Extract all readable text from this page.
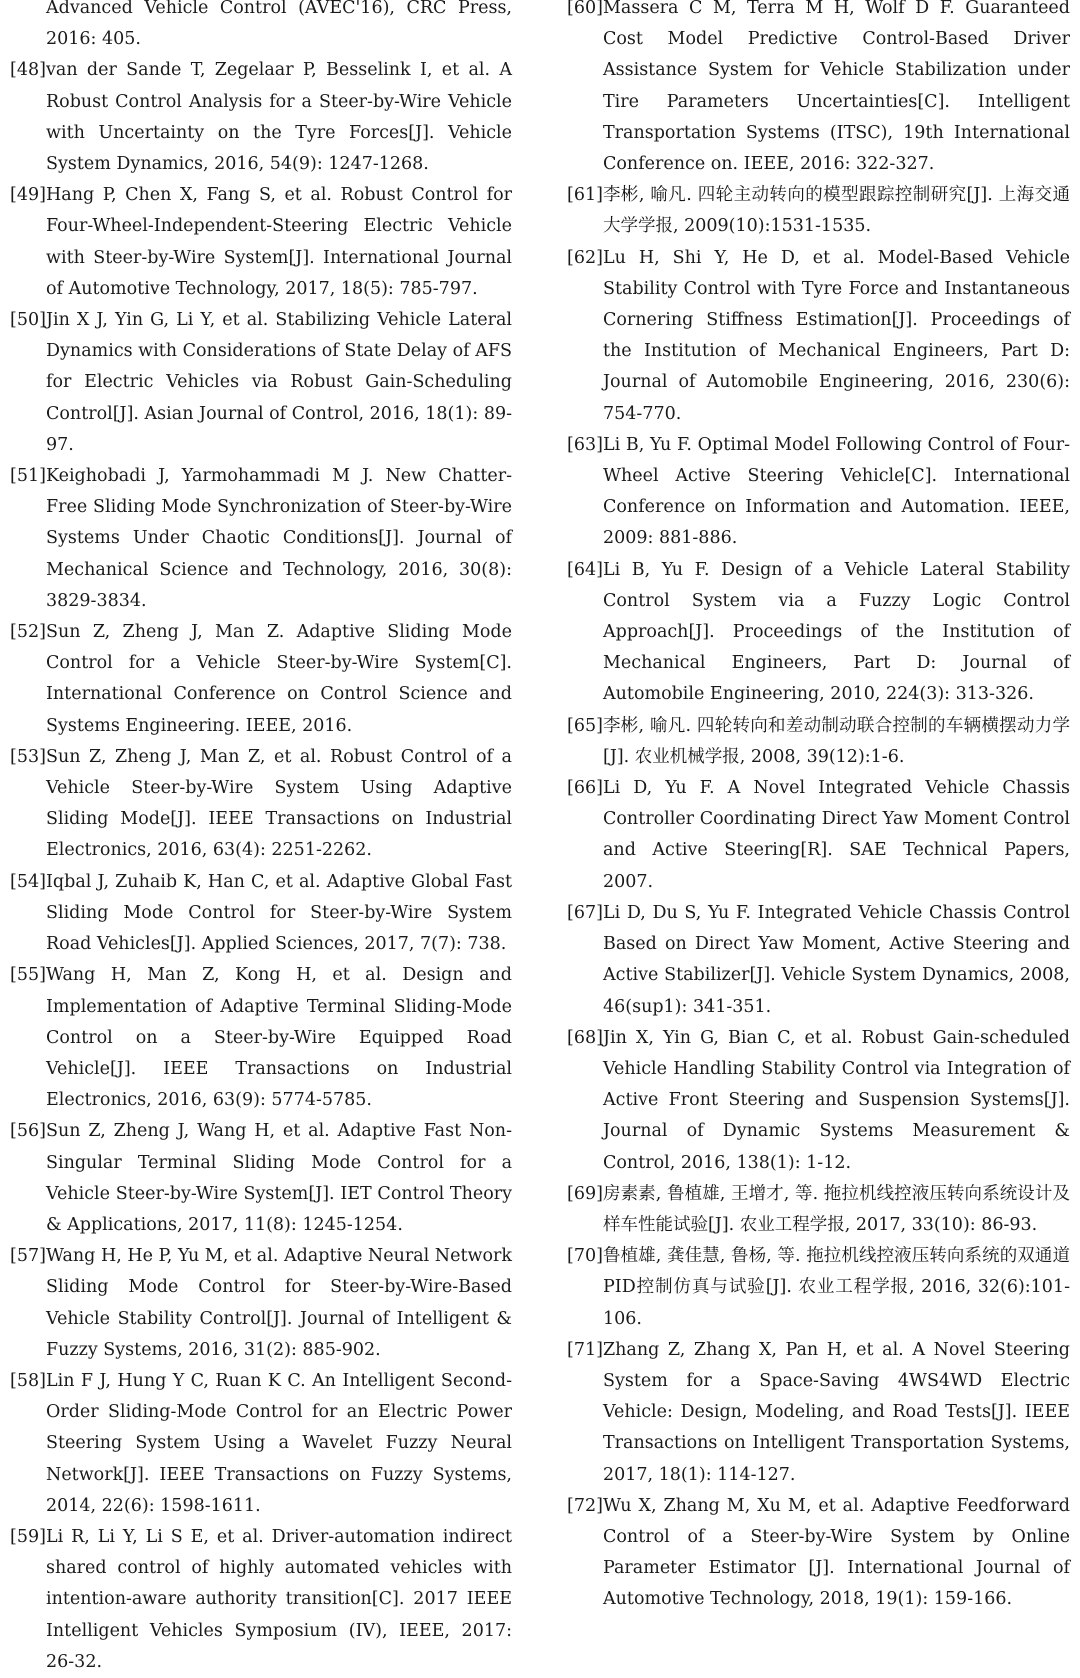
Advanced Vehicle Control (AVEC'16), CRC Press, 2016: 405.
[48] van der Sande T, Zegelaar P, Besselink I, et al. A Robust Control Analysis for a Steer-by-Wire Vehicle with Uncertainty on the Tyre Forces[J]. Vehicle System Dynamics, 2016, 54(9): 1247-1268.
[49] Hang P, Chen X, Fang S, et al. Robust Control for Four-Wheel-Independent-Steering Electric Vehicle with Steer-by-Wire System[J]. International Journal of Automotive Technology, 2017, 18(5): 785-797.
[50] Jin X J, Yin G, Li Y, et al. Stabilizing Vehicle Lateral Dynamics with Considerations of State Delay of AFS for Electric Vehicles via Robust Gain-Scheduling Control[J]. Asian Journal of Control, 2016, 18(1): 89-97.
[51] Keighobadi J, Yarmohammadi M J. New Chatter-Free Sliding Mode Synchronization of Steer-by-Wire Systems Under Chaotic Conditions[J]. Journal of Mechanical Science and Technology, 2016, 30(8): 3829-3834.
[52] Sun Z, Zheng J, Man Z. Adaptive Sliding Mode Control for a Vehicle Steer-by-Wire System[C]. International Conference on Control Science and Systems Engineering. IEEE, 2016.
[53] Sun Z, Zheng J, Man Z, et al. Robust Control of a Vehicle Steer-by-Wire System Using Adaptive Sliding Mode[J]. IEEE Transactions on Industrial Electronics, 2016, 63(4): 2251-2262.
[54] Iqbal J, Zuhaib K, Han C, et al. Adaptive Global Fast Sliding Mode Control for Steer-by-Wire System Road Vehicles[J]. Applied Sciences, 2017, 7(7): 738.
[55] Wang H, Man Z, Kong H, et al. Design and Implementation of Adaptive Terminal Sliding-Mode Control on a Steer-by-Wire Equipped Road Vehicle[J]. IEEE Transactions on Industrial Electronics, 2016, 63(9): 5774-5785.
[56] Sun Z, Zheng J, Wang H, et al. Adaptive Fast Non-Singular Terminal Sliding Mode Control for a Vehicle Steer-by-Wire System[J]. IET Control Theory & Applications, 2017, 11(8): 1245-1254.
[57] Wang H, He P, Yu M, et al. Adaptive Neural Network Sliding Mode Control for Steer-by-Wire-Based Vehicle Stability Control[J]. Journal of Intelligent & Fuzzy Systems, 2016, 31(2): 885-902.
[58] Lin F J, Hung Y C, Ruan K C. An Intelligent Second-Order Sliding-Mode Control for an Electric Power Steering System Using a Wavelet Fuzzy Neural Network[J]. IEEE Transactions on Fuzzy Systems, 2014, 22(6): 1598-1611.
[59] Li R, Li Y, Li S E, et al. Driver-automation indirect shared control of highly automated vehicles with intention-aware authority transition[C]. 2017 IEEE Intelligent Vehicles Symposium (IV), IEEE, 2017: 26-32.
[60] Massera C M, Terra M H, Wolf D F. Guaranteed Cost Model Predictive Control-Based Driver Assistance System for Vehicle Stabilization under Tire Parameters Uncertainties[C]. Intelligent Transportation Systems (ITSC), 19th International Conference on. IEEE, 2016: 322-327.
[61] 李彬, 喻凡. 四轮主动转向的模型跟踪控制研究[J]. 上海交通大学学报, 2009(10):1531-1535.
[62] Lu H, Shi Y, He D, et al. Model-Based Vehicle Stability Control with Tyre Force and Instantaneous Cornering Stiffness Estimation[J]. Proceedings of the Institution of Mechanical Engineers, Part D: Journal of Automobile Engineering, 2016, 230(6): 754-770.
[63] Li B, Yu F. Optimal Model Following Control of Four-Wheel Active Steering Vehicle[C]. International Conference on Information and Automation. IEEE, 2009: 881-886.
[64] Li B, Yu F. Design of a Vehicle Lateral Stability Control System via a Fuzzy Logic Control Approach[J]. Proceedings of the Institution of Mechanical Engineers, Part D: Journal of Automobile Engineering, 2010, 224(3): 313-326.
[65] 李彬, 喻凡. 四轮转向和差动制动联合控制的车辆横摆动力学[J]. 农业机械学报, 2008, 39(12):1-6.
[66] Li D, Yu F. A Novel Integrated Vehicle Chassis Controller Coordinating Direct Yaw Moment Control and Active Steering[R]. SAE Technical Papers, 2007.
[67] Li D, Du S, Yu F. Integrated Vehicle Chassis Control Based on Direct Yaw Moment, Active Steering and Active Stabilizer[J]. Vehicle System Dynamics, 2008, 46(sup1): 341-351.
[68] Jin X, Yin G, Bian C, et al. Robust Gain-scheduled Vehicle Handling Stability Control via Integration of Active Front Steering and Suspension Systems[J]. Journal of Dynamic Systems Measurement & Control, 2016, 138(1): 1-12.
[69] 房素素, 鲁植雄, 王增才, 等. 拖拉机线控液压转向系统设计及样车性能试验[J]. 农业工程学报, 2017, 33(10): 86-93.
[70] 鲁植雄, 龚佳慧, 鲁杨, 等. 拖拉机线控液压转向系统的双通道PID控制仿真与试验[J]. 农业工程学报, 2016, 32(6):101-106.
[71] Zhang Z, Zhang X, Pan H, et al. A Novel Steering System for a Space-Saving 4WS4WD Electric Vehicle: Design, Modeling, and Road Tests[J]. IEEE Transactions on Intelligent Transportation Systems, 2017, 18(1): 114-127.
[72] Wu X, Zhang M, Xu M, et al. Adaptive Feedforward Control of a Steer-by-Wire System by Online Parameter Estimator [J]. International Journal of Automotive Technology, 2018, 19(1): 159-166.
